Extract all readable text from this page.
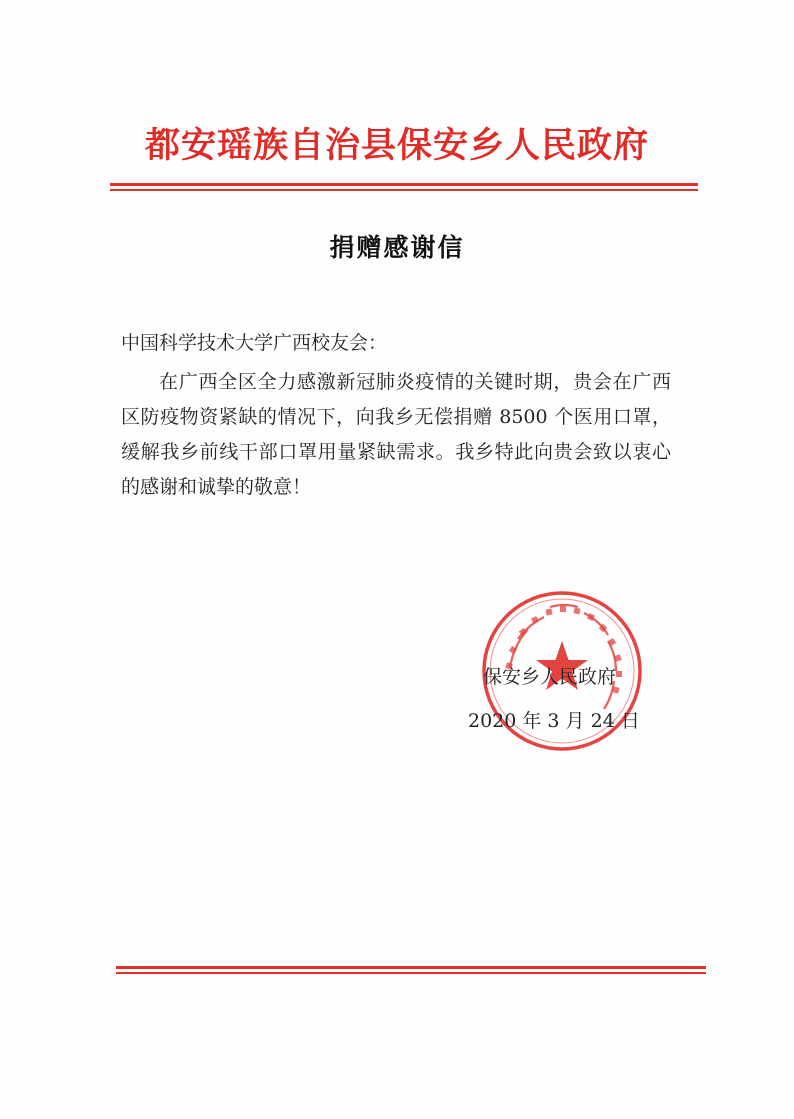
都安瑶族自治县保安乡人民政府
捐赠感谢信
中国科学技术大学广西校友会：

在广西全区全力感激新冠肺炎疫情的关键时期，贵会在广西区防疫物资紧缺的情况下，向我乡无偿捐赠 8500 个医用口罩，缓解我乡前线干部口罩用量紧缺需求。我乡特此向贵会致以衷心的感谢和诚挚的敬意！

保安乡人民政府
2020 年 3 月 24 日
